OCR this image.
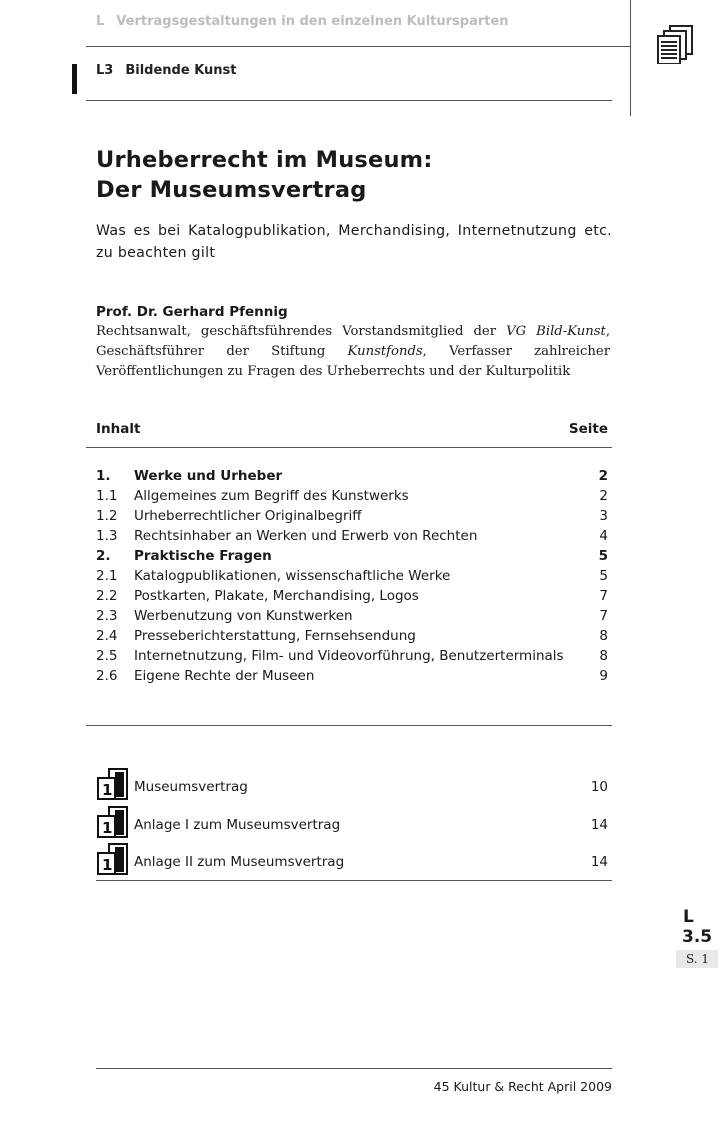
L Vertragsgestaltungen in den einzelnen Kultursparten
L3 Bildende Kunst
Urheberrecht im Museum:
Der Museumsvertrag
Was es bei Katalogpublikation, Merchandising, Internetnutzung etc. zu beachten gilt
Prof. Dr. Gerhard Pfennig
Rechtsanwalt, geschäftsführendes Vorstandsmitglied der VG Bild-Kunst, Geschäftsführer der Stiftung Kunstfonds, Verfasser zahlreicher Veröffentlichungen zu Fragen des Urheberrechts und der Kulturpolitik
Inhalt	Seite
1. Werke und Urheber	2
1.1 Allgemeines zum Begriff des Kunstwerks	2
1.2 Urheberrechtlicher Originalbegriff	3
1.3 Rechtsinhaber an Werken und Erwerb von Rechten	4
2. Praktische Fragen	5
2.1 Katalogpublikationen, wissenschaftliche Werke	5
2.2 Postkarten, Plakate, Merchandising, Logos	7
2.3 Werbenutzung von Kunstwerken	7
2.4 Presseberichterstattung, Fernsehsendung	8
2.5 Internetnutzung, Film- und Videovorführung, Benutzerterminals	8
2.6 Eigene Rechte der Museen	9
1 Museumsvertrag	10
1 Anlage I zum Museumsvertrag	14
1 Anlage II zum Museumsvertrag	14
L
3.5
S. 1
45 Kultur & Recht April 2009
